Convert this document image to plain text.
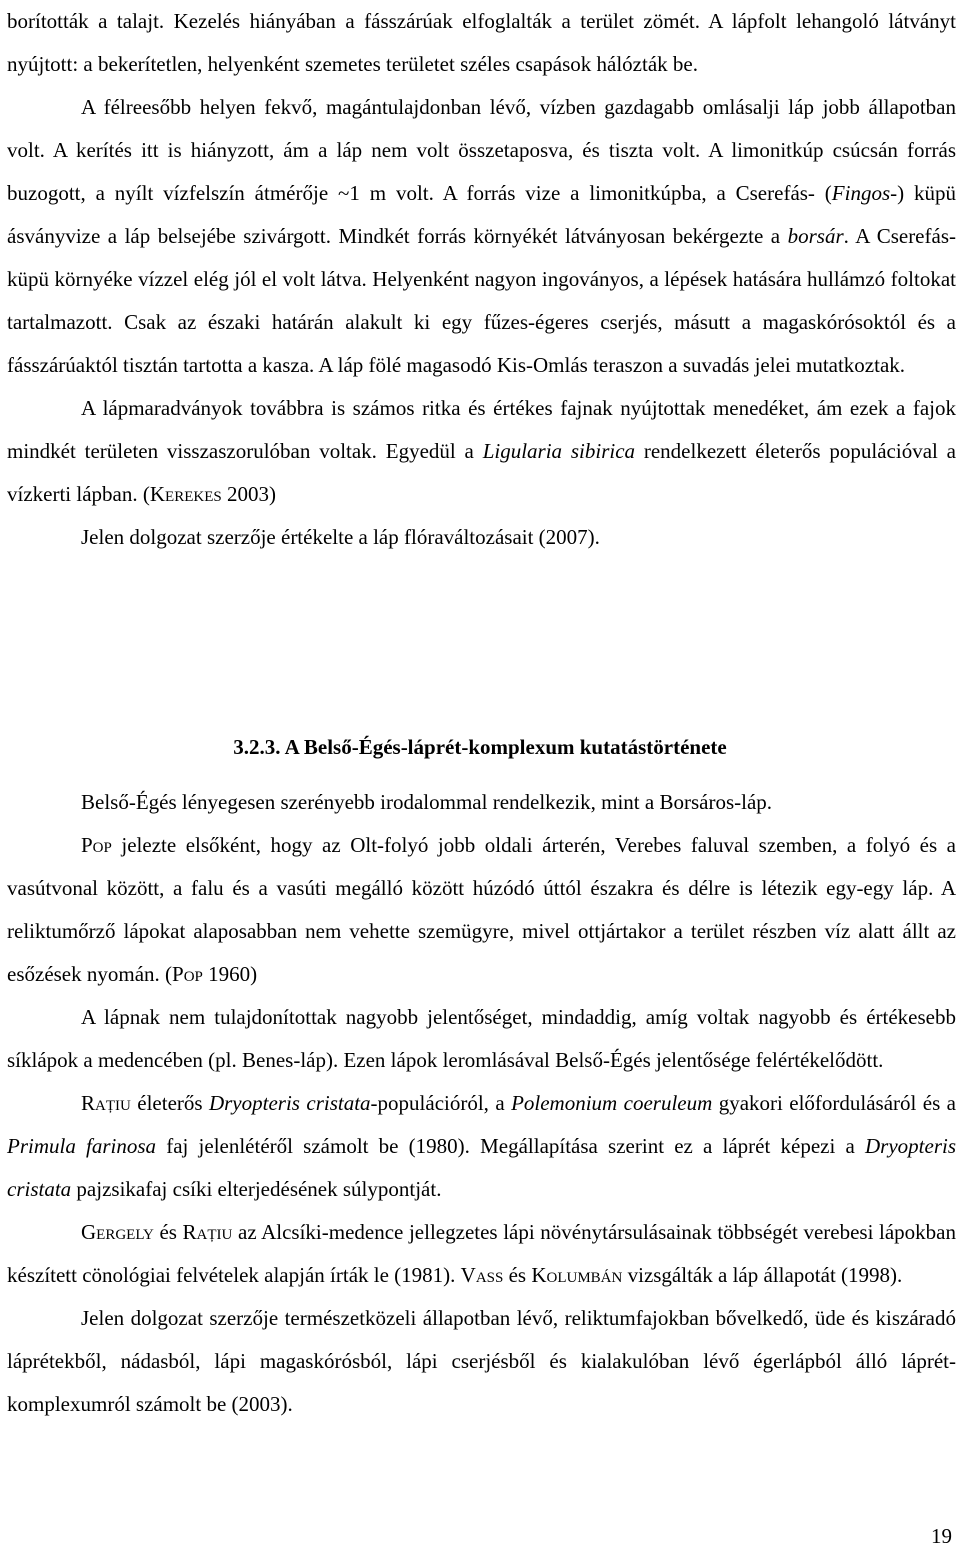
borították a talajt. Kezelés hiányában a fásszárúak elfoglalták a terület zömét. A lápfolt lehangoló látványt nyújtott: a bekerítetlen, helyenként szemetes területet széles csapások hálózták be.

A félreesőbb helyen fekvő, magántulajdonban lévő, vízben gazdagabb omlásalji láp jobb állapotban volt. A kerítés itt is hiányzott, ám a láp nem volt összetaposva, és tiszta volt. A limonitkúp csúcsán forrás buzogott, a nyílt vízfelszín átmérője ~1 m volt. A forrás vize a limonitkúpba, a Cserefás- (Fingos-) küpü ásványvize a láp belsejébe szivárgott. Mindkét forrás környékét látványosan bekérgezte a borsár. A Cserefás-küpü környéke vízzel elég jól el volt látva. Helyenként nagyon ingoványos, a lépések hatására hullámzó foltokat tartalmazott. Csak az északi határán alakult ki egy fűzes-égeres cserjés, másutt a magaskórósoktól és a fásszárúaktól tisztán tartotta a kasza. A láp fölé magasodó Kis-Omlás teraszon a suvadás jelei mutatkoztak.

A lápmaradványok továbbra is számos ritka és értékes fajnak nyújtottak menedéket, ám ezek a fajok mindkét területen visszaszorulóban voltak. Egyedül a Ligularia sibirica rendelkezett életerős populációval a vízkerti lápban. (Kerekes 2003)

Jelen dolgozat szerzője értékelte a láp flóraváltozásait (2007).

3.2.3. A Belső-Égés-láprét-komplexum kutatástörténete

Belső-Égés lényegesen szerényebb irodalommal rendelkezik, mint a Borsáros-láp.

Pop jelezte elsőként, hogy az Olt-folyó jobb oldali árterén, Verebes faluval szemben, a folyó és a vasútvonal között, a falu és a vasúti megálló között húzódó úttól északra és délre is létezik egy-egy láp. A reliktumőrző lápokat alaposabban nem vehette szemügyre, mivel ottjártakor a terület részben víz alatt állt az esőzések nyomán. (Pop 1960)

A lápnak nem tulajdonítottak nagyobb jelentőséget, mindaddig, amíg voltak nagyobb és értékesebb síklápok a medencében (pl. Benes-láp). Ezen lápok leromlásával Belső-Égés jelentősége felértékelődött.

Rațiu életerős Dryopteris cristata-populációról, a Polemonium coeruleum gyakori előfordulásáról és a Primula farinosa faj jelenlétéről számolt be (1980). Megállapítása szerint ez a láprét képezi a Dryopteris cristata pajzsikafaj csíki elterjedésének súlypontját.

Gergely és Rațiu az Alcsíki-medence jellegzetes lápi növénytársulásainak többségét verebesi lápokban készített cönológiai felvételek alapján írták le (1981). Vass és Kolumbán vizsgálták a láp állapotát (1998).

Jelen dolgozat szerzője természetközeli állapotban lévő, reliktumfajokban bővelkedő, üde és kiszáradó láprétekből, nádasból, lápi magaskórósból, lápi cserjésből és kialakulóban lévő égerlápból álló láprét-komplexumról számolt be (2003).

19
